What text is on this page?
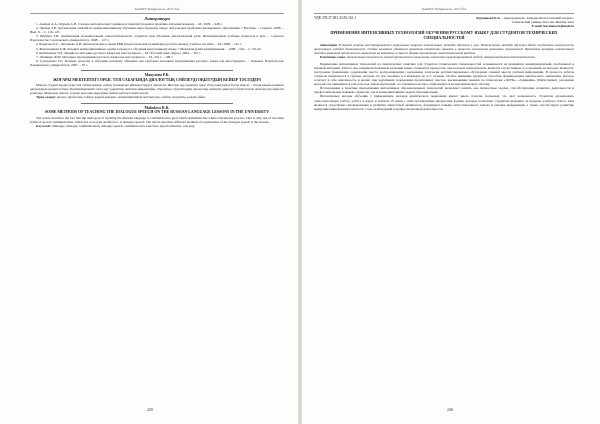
ҚазҰПУ Хабаршысы. 2015 №4
Литература

1. Азимов А.А., Щукин А.Н. Словарь методических терминов и понятий (теория и практика обучения языкам). – М., 2009. – 448 с.

2. Лапина З.В. Организация занятий по коммуникативному обучению иностранному языку. Актуальные проблемы иноязычного образования // Вестник. – Саранск, 2008. – Вып. 8. – С. 116–125.

3. Шубина Т.И. Активизация познавательной самостоятельности студентов при обучении диалогической речи. Инновационные учебные процессы в вузе. – Саранск: Издательство Саратовского университета, 1998. – 127 с.

4. Борисова Е.Г., Латышева А.Н. Диалогические основы РКИ (педагогическая грамматика русского языка): учебное пособие. – М., 2008. – 141 с.

5. Жаксылыкова Е.Ж. Речевые коммуникативные задачи в процессе обучения иностранному языку // Межкультурная коммуникация. – 1998. – №4. – С. 59–62.

6. Капитонова Т.И. Лекции по методике русского языка как иностранного. – М.: Русский язык. Курсы, 2004. – 352 с.

7. Литвинко Ф.М. Методика преподавания русского языка как иностранного. – М., 2011. – 108 с.

8. Сухорукова Т.Е. Речевые средства в обучении речевому общению как проблема методики преподавания русского языка как иностранного. – Харьков: Издательство Харьковского университета, 2007. – 65 с.

Мақулова Р.К.
ЖОҒАРЫ МЕКТЕПТЕГІ ОРЫС ТІЛІ САБАҒЫНДА ДИАЛОГТЫҚ СӨЙЛЕУДІ ОҚЫТУДЫҢ КЕЙБІР ТӘСІЛДЕРІ

Мақала студенттердің орыс тілі сабақтарында сөйлеу қатынасын ұйымдастыруға арналған. Жоғары оқу орнында орыс тілін оқытудағы басты мақсат – тілдік қарым-қатынас дағдыларын қалыптастыру. Коммуникативтік тәсіл оқу үдерісінің сипатын айқындайды. Оқытушы студенттердің диалогтық сөйлеуін дамытуға бағытталған жаттығулар жүйесін ұсынады. Мақалада диалог түрлері мен оны оқытудың тиімді әдістері сипатталған.

Тірек сөздер: диалог, диалогтық сөйлеу, қарым-қатынас, коммуникативтік жаттығулар, сөйлеу жағдаяты, рөлдік ойын.

Makulova R.K.
SOME METHODS OF TEACHING THE DIALOGUE SPEECH ON THE RUSSIAN LANGUAGE LESSONS IN THE UNIVERSITY

The article describes the fact that the main goal of teaching the Russian language is communicative goal which determines the whole educational process. That is why one of the main forms of speech communication, which has to be paid attention to, is dialogue speech. The article describes different methods of organization of the dialogue speech at the lessons.

Keywords: Dialogue, dialogue communication, dialogue speech, communicative exercises, speech situation, role play.

225
ҚазҰПУ Хабаршысы. 2015 №4
УДК 378.37.091.33:81:161.1	Курманова Б.Х. – преподаватель, Западно-Казахстанский аграрно-технический университет им. Жангир хана
E-mail: kurmanova@mail.ru
ПРИМЕНЕНИЕ ИНТЕНСИВНЫХ ТЕХНОЛОГИЙ ОБУЧЕНИЯ РУССКОМУ ЯЗЫКУ ДЛЯ СТУДЕНТОВ ТЕХНИЧЕСКИХ СПЕЦИАЛЬНОСТЕЙ

Аннотация. В данной статье рассматриваются актуальные вопросы интенсивных методов обучения в вузе. Интенсивные методы обучения дают студентам возможность организации учебной деятельности. Особое внимание уделяется развитию творческих навыков и процесса выполнения различных упражнений. Приведены примеры интенсивных методов развития критического мышления на занятиях, а также формы организации самостоятельной работы.

Ключевые слова: интенсивные технологии, метод критического мышления, личностно ориентированный подход, коммуникативная компетентность.

Применение интенсивных технологий на практических занятиях для студентов технических специальностей основывается на принципах коммуникативной, проблемной и игровой методики. Работа над совершенствованием владения языка становится процессом, при котором преподаватель является соучастником, и основными из которых являются: построение (понимание содержания текста, воспроизведение содержания, логически аргументированное обсуждение главной мысли учебной информации. В процессе работы студенты вовлекаются в группы, которые по три человека и в командах по 4–5 человек. Особое внимание уделяется способам формирования критического мышления, которое сочетает в себе критичность и анализ при вдумчивом содержании прочитанных текстов, высказывание мнения по технологии «ЭДУК», «Синквейн» (Пятистишие), рисование которой она принимается работать над темой-проблемой, составление кластера, опирающегося на иерархическую систему.

Исследования в практике преподавания интенсивных образовательных технологий позволяют решить как личностные задачи, способствующие развитию деятельности и профессиональных навыков студентов, так и коммуникативные задачи обучения языку.

Интенсивные методы обучения с применением методов критического мышления имеют много плюсов, поскольку это дает возможность студентам организовать самостоятельную работу, работу в парах и группах. В связи с этим организованы интересные формы, которые позволяют студентам выходить за пределы учебного текста. Они являются средствами самовыражения и развития личностной активности, формируют навыки самостоятельного поиска и анализа информации, а также способствуют развитию коммуникативной компетентности, столь необходимой в профессиональной деятельности.

226
